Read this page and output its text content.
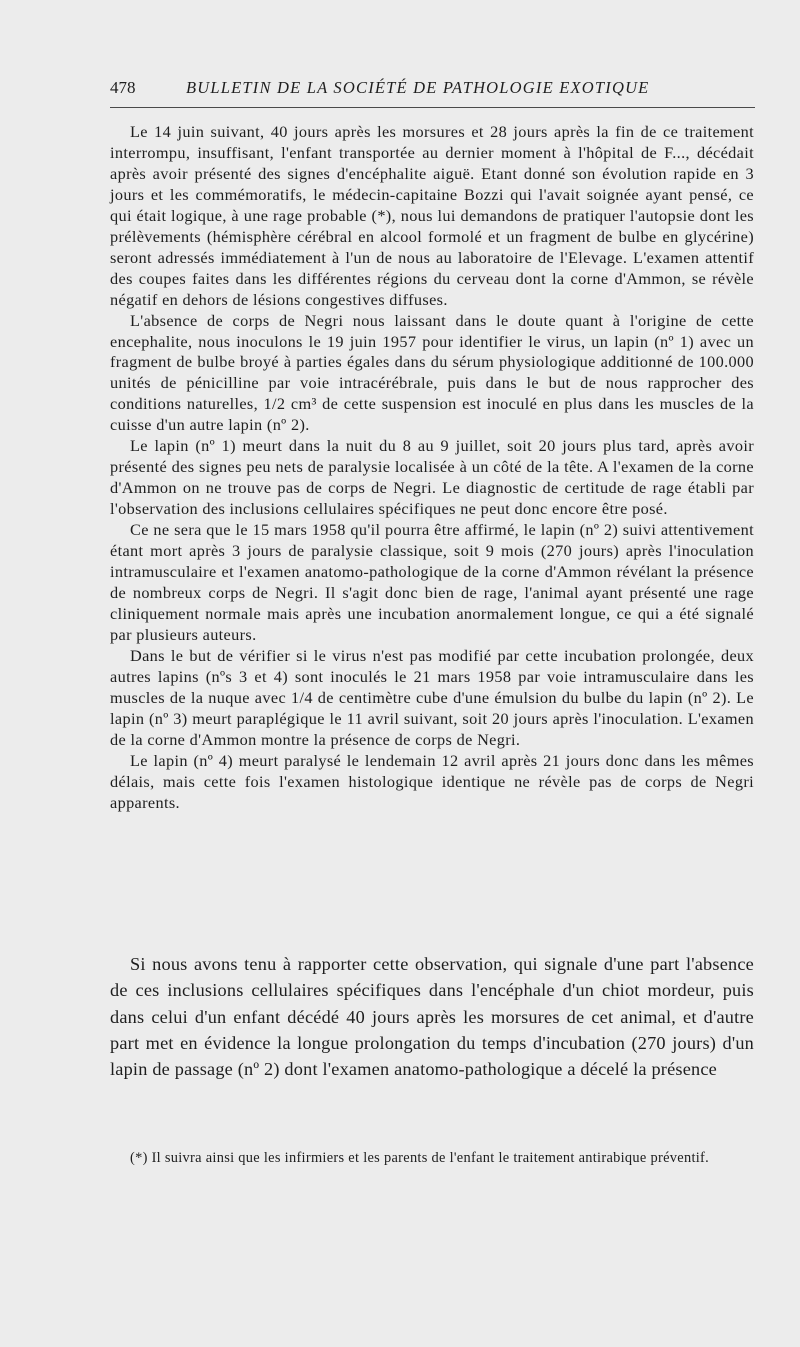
478	BULLETIN DE LA SOCIÉTÉ DE PATHOLOGIE EXOTIQUE

Le 14 juin suivant, 40 jours après les morsures et 28 jours après la fin de ce traitement interrompu, insuffisant, l'enfant transportée au dernier moment à l'hôpital de F..., décédait après avoir présenté des signes d'encéphalite aiguë. Etant donné son évolution rapide en 3 jours et les commémoratifs, le médecin-capitaine Bozzi qui l'avait soignée ayant pensé, ce qui était logique, à une rage probable (*), nous lui demandons de pratiquer l'autopsie dont les prélèvements (hémisphère cérébral en alcool formolé et un fragment de bulbe en glycérine) seront adressés immédiatement à l'un de nous au laboratoire de l'Elevage. L'examen attentif des coupes faites dans les différentes régions du cerveau dont la corne d'Ammon, se révèle négatif en dehors de lésions congestives diffuses.

L'absence de corps de Negri nous laissant dans le doute quant à l'origine de cette encephalite, nous inoculons le 19 juin 1957 pour identifier le virus, un lapin (nº 1) avec un fragment de bulbe broyé à parties égales dans du sérum physiologique additionné de 100.000 unités de pénicilline par voie intracérébrale, puis dans le but de nous rapprocher des conditions naturelles, 1/2 cm³ de cette suspension est inoculé en plus dans les muscles de la cuisse d'un autre lapin (nº 2).

Le lapin (nº 1) meurt dans la nuit du 8 au 9 juillet, soit 20 jours plus tard, après avoir présenté des signes peu nets de paralysie localisée à un côté de la tête. A l'examen de la corne d'Ammon on ne trouve pas de corps de Negri. Le diagnostic de certitude de rage établi par l'observation des inclusions cellulaires spécifiques ne peut donc encore être posé.

Ce ne sera que le 15 mars 1958 qu'il pourra être affirmé, le lapin (nº 2) suivi attentivement étant mort après 3 jours de paralysie classique, soit 9 mois (270 jours) après l'inoculation intramusculaire et l'examen anatomo-pathologique de la corne d'Ammon révélant la présence de nombreux corps de Negri. Il s'agit donc bien de rage, l'animal ayant présenté une rage cliniquement normale mais après une incubation anormalement longue, ce qui a été signalé par plusieurs auteurs.

Dans le but de vérifier si le virus n'est pas modifié par cette incubation prolongée, deux autres lapins (nºs 3 et 4) sont inoculés le 21 mars 1958 par voie intramusculaire dans les muscles de la nuque avec 1/4 de centimètre cube d'une émulsion du bulbe du lapin (nº 2). Le lapin (nº 3) meurt paraplégique le 11 avril suivant, soit 20 jours après l'inoculation. L'examen de la corne d'Ammon montre la présence de corps de Negri.

Le lapin (nº 4) meurt paralysé le lendemain 12 avril après 21 jours donc dans les mêmes délais, mais cette fois l'examen histologique identique ne révèle pas de corps de Negri apparents.

Si nous avons tenu à rapporter cette observation, qui signale d'une part l'absence de ces inclusions cellulaires spécifiques dans l'encéphale d'un chiot mordeur, puis dans celui d'un enfant décédé 40 jours après les morsures de cet animal, et d'autre part met en évidence la longue prolongation du temps d'incubation (270 jours) d'un lapin de passage (nº 2) dont l'examen anatomo-pathologique a décelé la présence

(*) Il suivra ainsi que les infirmiers et les parents de l'enfant le traitement antirabique préventif.
